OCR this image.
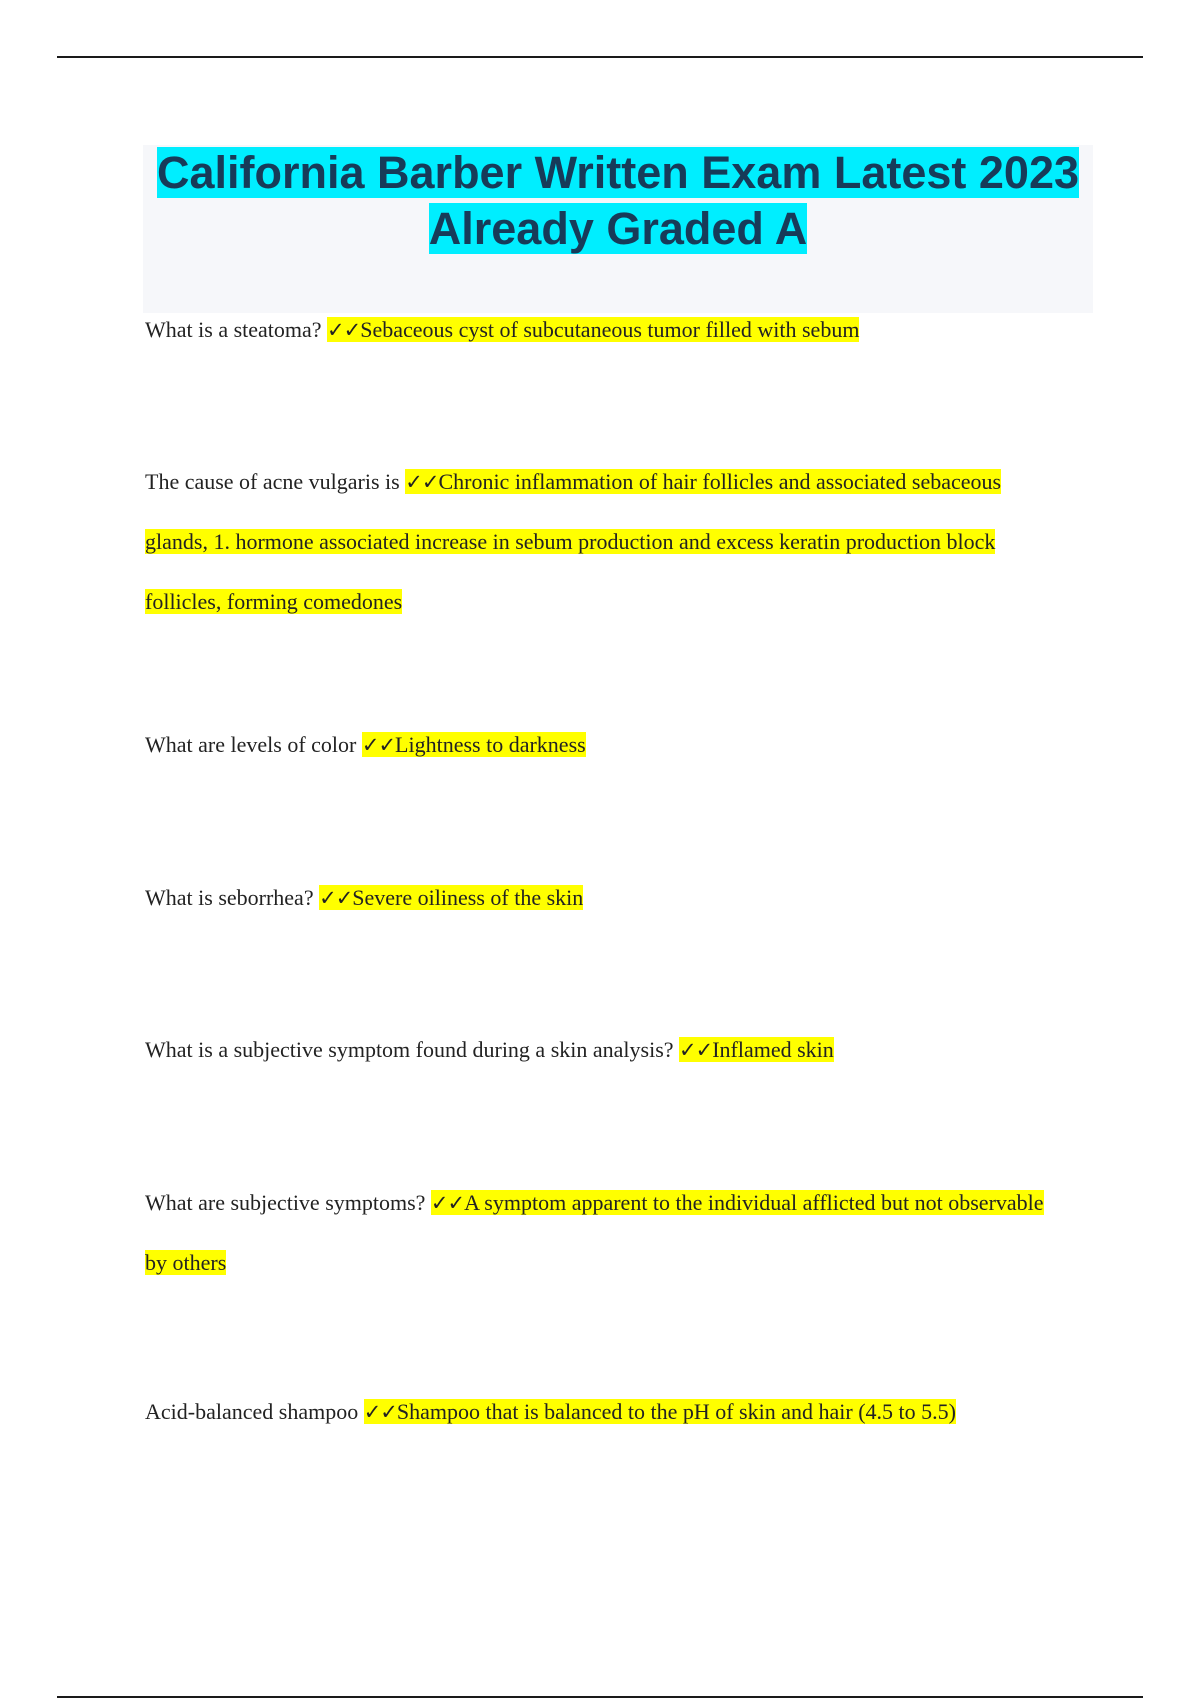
California Barber Written Exam Latest 2023 Already Graded A

What is a steatoma? ✓✓Sebaceous cyst of subcutaneous tumor filled with sebum

The cause of acne vulgaris is ✓✓Chronic inflammation of hair follicles and associated sebaceous glands, 1. hormone associated increase in sebum production and excess keratin production block follicles, forming comedones

What are levels of color ✓✓Lightness to darkness

What is seborrhea? ✓✓Severe oiliness of the skin

What is a subjective symptom found during a skin analysis? ✓✓Inflamed skin

What are subjective symptoms? ✓✓A symptom apparent to the individual afflicted but not observable by others

Acid-balanced shampoo ✓✓Shampoo that is balanced to the pH of skin and hair (4.5 to 5.5)
